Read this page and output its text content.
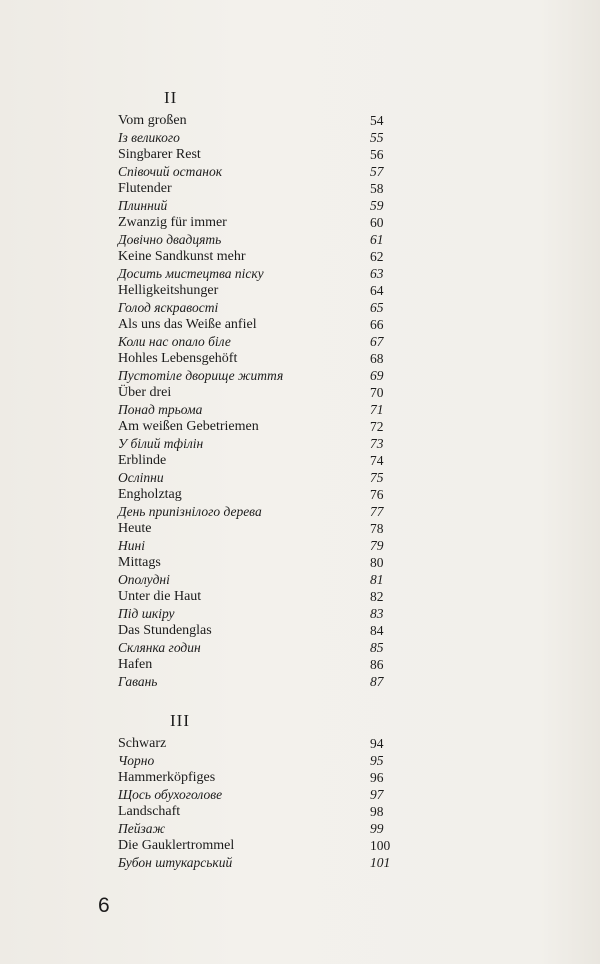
II
Vom großen	54
Із великого	55
Singbarer Rest	56
Співочий останок	57
Flutender	58
Плинний	59
Zwanzig für immer	60
Довічно двадцять	61
Keine Sandkunst mehr	62
Досить мистецтва піску	63
Helligkeitshunger	64
Голод яскравості	65
Als uns das Weiße anfiel	66
Коли нас опало біле	67
Hohles Lebensgehöft	68
Пустотіле дворище життя	69
Über drei	70
Понад трьома	71
Am weißen Gebetriemen	72
У білий тфілін	73
Erblinde	74
Осліпни	75
Engholztag	76
День припізнілого дерева	77
Heute	78
Нині	79
Mittags	80
Ополудні	81
Unter die Haut	82
Під шкіру	83
Das Stundenglas	84
Склянка годин	85
Hafen	86
Гавань	87
III
Schwarz	94
Чорно	95
Hammerköpfiges	96
Щось обухоголове	97
Landschaft	98
Пейзаж	99
Die Gauklertrommel	100
Бубон штукарський	101
6
